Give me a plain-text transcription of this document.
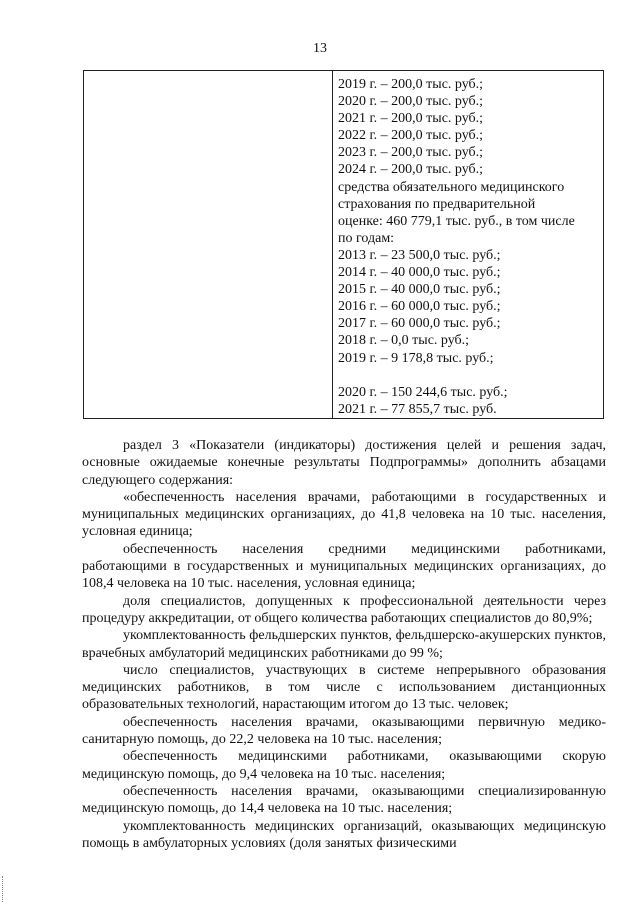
13
2019 г. – 200,0 тыс. руб.;
2020 г. – 200,0 тыс. руб.;
2021 г. – 200,0 тыс. руб.;
2022 г. – 200,0 тыс. руб.;
2023 г. – 200,0 тыс. руб.;
2024 г. – 200,0 тыс. руб.;
средства обязательного медицинского
страхования по предварительной
оценке: 460 779,1 тыс. руб., в том числе
по годам:
2013 г. – 23 500,0 тыс. руб.;
2014 г. – 40 000,0 тыс. руб.;
2015 г. – 40 000,0 тыс. руб.;
2016 г. – 60 000,0 тыс. руб.;
2017 г. – 60 000,0 тыс. руб.;
2018 г. – 0,0 тыс. руб.;
2019 г. – 9 178,8 тыс. руб.;
2020 г. – 150 244,6 тыс. руб.;
2021 г. – 77 855,7 тыс. руб.

раздел 3 «Показатели (индикаторы) достижения целей и решения задач, основные ожидаемые конечные результаты Подпрограммы» дополнить абзацами следующего содержания:

«обеспеченность населения врачами, работающими в государственных и муниципальных медицинских организациях, до 41,8 человека на 10 тыс. населения, условная единица;

обеспеченность населения средними медицинскими работниками, работающими в государственных и муниципальных медицинских организациях, до 108,4 человека на 10 тыс. населения, условная единица;

доля специалистов, допущенных к профессиональной деятельности через процедуру аккредитации, от общего количества работающих специалистов до 80,9%;

укомплектованность фельдшерских пунктов, фельдшерско-акушерских пунктов, врачебных амбулаторий медицинских работниками до 99 %;

число специалистов, участвующих в системе непрерывного образования медицинских работников, в том числе с использованием дистанционных образовательных технологий, нарастающим итогом до 13 тыс. человек;

обеспеченность населения врачами, оказывающими первичную медико-санитарную помощь, до 22,2 человека на 10 тыс. населения;

обеспеченность медицинскими работниками, оказывающими скорую медицинскую помощь, до 9,4 человека на 10 тыс. населения;

обеспеченность населения врачами, оказывающими специализированную медицинскую помощь, до 14,4 человека на 10 тыс. населения;

укомплектованность медицинских организаций, оказывающих медицинскую помощь в амбулаторных условиях (доля занятых физическими
